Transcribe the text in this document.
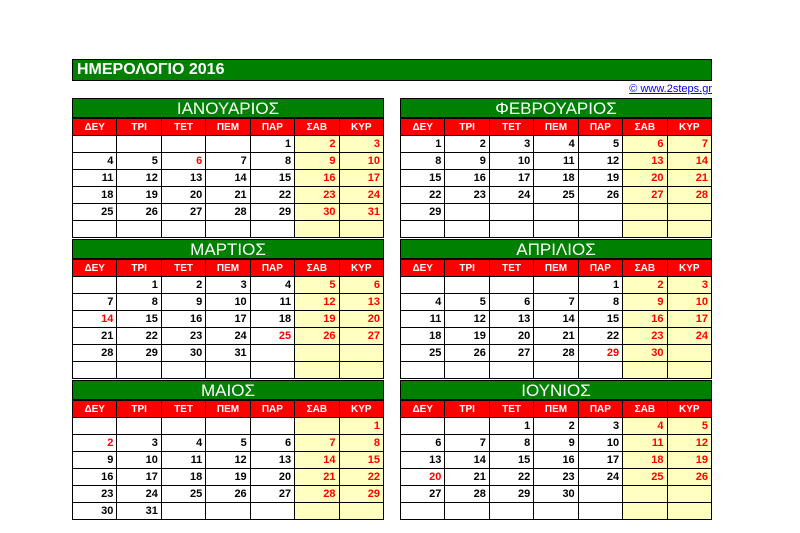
ΗΜΕΡΟΛΟΓΙΟ 2016
© www.2steps.gr
ΙΑΝΟΥΑΡΙΟΣ
ΔΕΥ	ΤΡΙ	ΤΕΤ	ΠΕΜ	ΠΑΡ	ΣΑΒ	ΚΥΡ
				1	2	3
4	5	6	7	8	9	10
11	12	13	14	15	16	17
18	19	20	21	22	23	24
25	26	27	28	29	30	31

ΦΕΒΡΟΥΑΡΙΟΣ
ΔΕΥ	ΤΡΙ	ΤΕΤ	ΠΕΜ	ΠΑΡ	ΣΑΒ	ΚΥΡ
1	2	3	4	5	6	7
8	9	10	11	12	13	14
15	16	17	18	19	20	21
22	23	24	25	26	27	28
29						

ΜΑΡΤΙΟΣ
ΔΕΥ	ΤΡΙ	ΤΕΤ	ΠΕΜ	ΠΑΡ	ΣΑΒ	ΚΥΡ
	1	2	3	4	5	6
7	8	9	10	11	12	13
14	15	16	17	18	19	20
21	22	23	24	25	26	27
28	29	30	31			

ΑΠΡΙΛΙΟΣ
ΔΕΥ	ΤΡΙ	ΤΕΤ	ΠΕΜ	ΠΑΡ	ΣΑΒ	ΚΥΡ
				1	2	3
4	5	6	7	8	9	10
11	12	13	14	15	16	17
18	19	20	21	22	23	24
25	26	27	28	29	30	

ΜΑΙΟΣ
ΔΕΥ	ΤΡΙ	ΤΕΤ	ΠΕΜ	ΠΑΡ	ΣΑΒ	ΚΥΡ
						1
2	3	4	5	6	7	8
9	10	11	12	13	14	15
16	17	18	19	20	21	22
23	24	25	26	27	28	29
30	31					
ΙΟΥΝΙΟΣ
ΔΕΥ	ΤΡΙ	ΤΕΤ	ΠΕΜ	ΠΑΡ	ΣΑΒ	ΚΥΡ
		1	2	3	4	5
6	7	8	9	10	11	12
13	14	15	16	17	18	19
20	21	22	23	24	25	26
27	28	29	30			
